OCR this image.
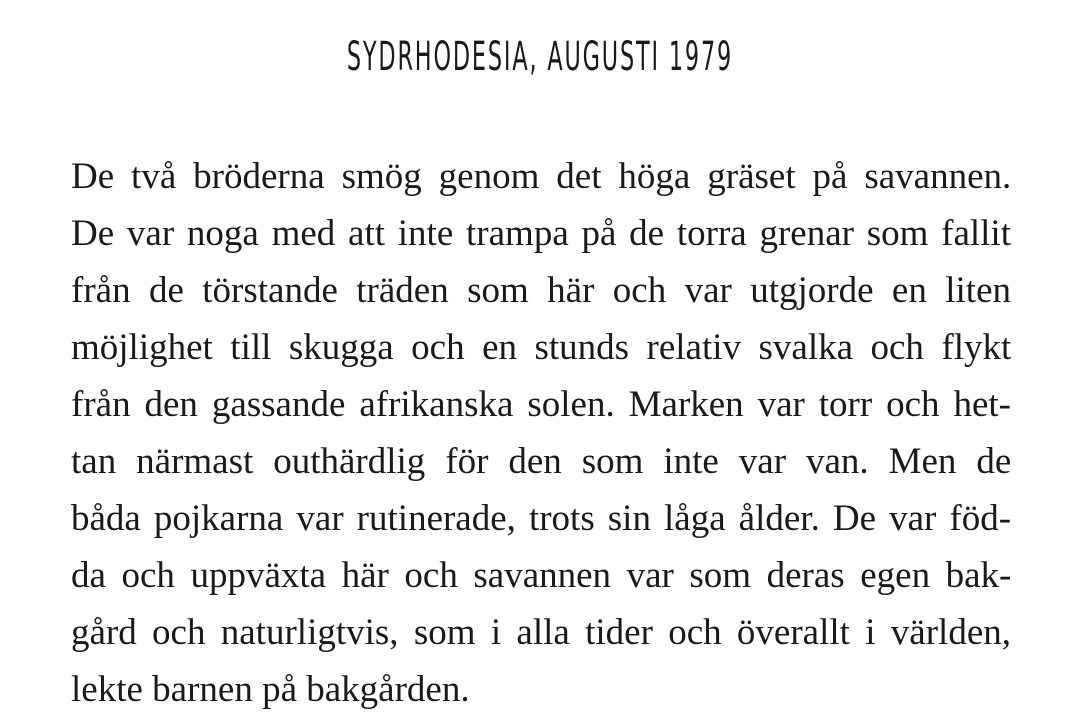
SYDRHODESIA, AUGUSTI 1979
De två bröderna smög genom det höga gräset på savannen.
De var noga med att inte trampa på de torra grenar som fallit
från de törstande träden som här och var utgjorde en liten
möjlighet till skugga och en stunds relativ svalka och flykt
från den gassande afrikanska solen. Marken var torr och het-
tan närmast outhärdlig för den som inte var van. Men de
båda pojkarna var rutinerade, trots sin låga ålder. De var föd-
da och uppväxta här och savannen var som deras egen bak-
gård och naturligtvis, som i alla tider och överallt i världen,
lekte barnen på bakgården.
